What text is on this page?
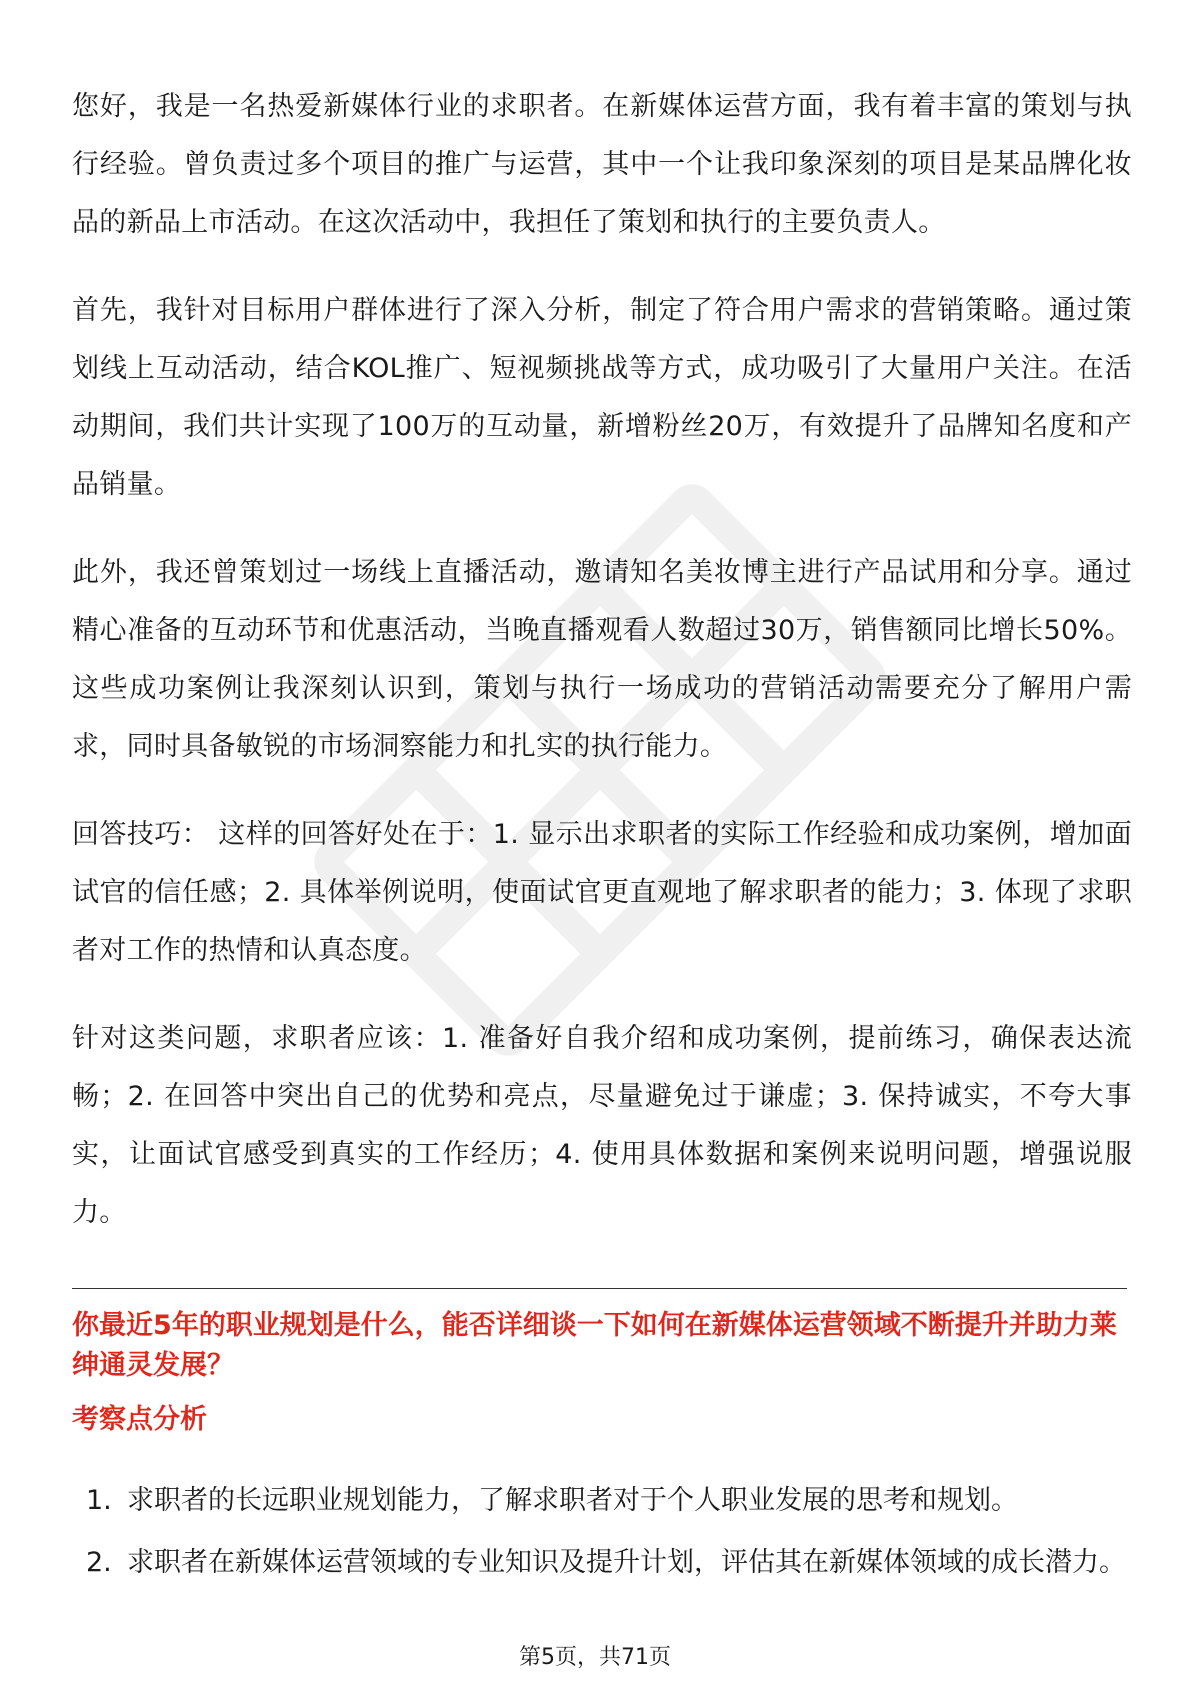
您好，我是一名热爱新媒体行业的求职者。在新媒体运营方面，我有着丰富的策划与执行经验。曾负责过多个项目的推广与运营，其中一个让我印象深刻的项目是某品牌化妆品的新品上市活动。在这次活动中，我担任了策划和执行的主要负责人。

首先，我针对目标用户群体进行了深入分析，制定了符合用户需求的营销策略。通过策划线上互动活动，结合KOL推广、短视频挑战等方式，成功吸引了大量用户关注。在活动期间，我们共计实现了100万的互动量，新增粉丝20万，有效提升了品牌知名度和产品销量。

此外，我还曾策划过一场线上直播活动，邀请知名美妆博主进行产品试用和分享。通过精心准备的互动环节和优惠活动，当晚直播观看人数超过30万，销售额同比增长50%。这些成功案例让我深刻认识到，策划与执行一场成功的营销活动需要充分了解用户需求，同时具备敏锐的市场洞察能力和扎实的执行能力。

回答技巧： 这样的回答好处在于：1. 显示出求职者的实际工作经验和成功案例，增加面试官的信任感；2. 具体举例说明，使面试官更直观地了解求职者的能力；3. 体现了求职者对工作的热情和认真态度。

针对这类问题，求职者应该：1. 准备好自我介绍和成功案例，提前练习，确保表达流畅；2. 在回答中突出自己的优势和亮点，尽量避免过于谦虚；3. 保持诚实，不夸大事实，让面试官感受到真实的工作经历；4. 使用具体数据和案例来说明问题，增强说服力。

你最近5年的职业规划是什么，能否详细谈一下如何在新媒体运营领域不断提升并助力莱绅通灵发展？
考察点分析
1. 求职者的长远职业规划能力，了解求职者对于个人职业发展的思考和规划。
2. 求职者在新媒体运营领域的专业知识及提升计划，评估其在新媒体领域的成长潜力。
第5页，共71页
